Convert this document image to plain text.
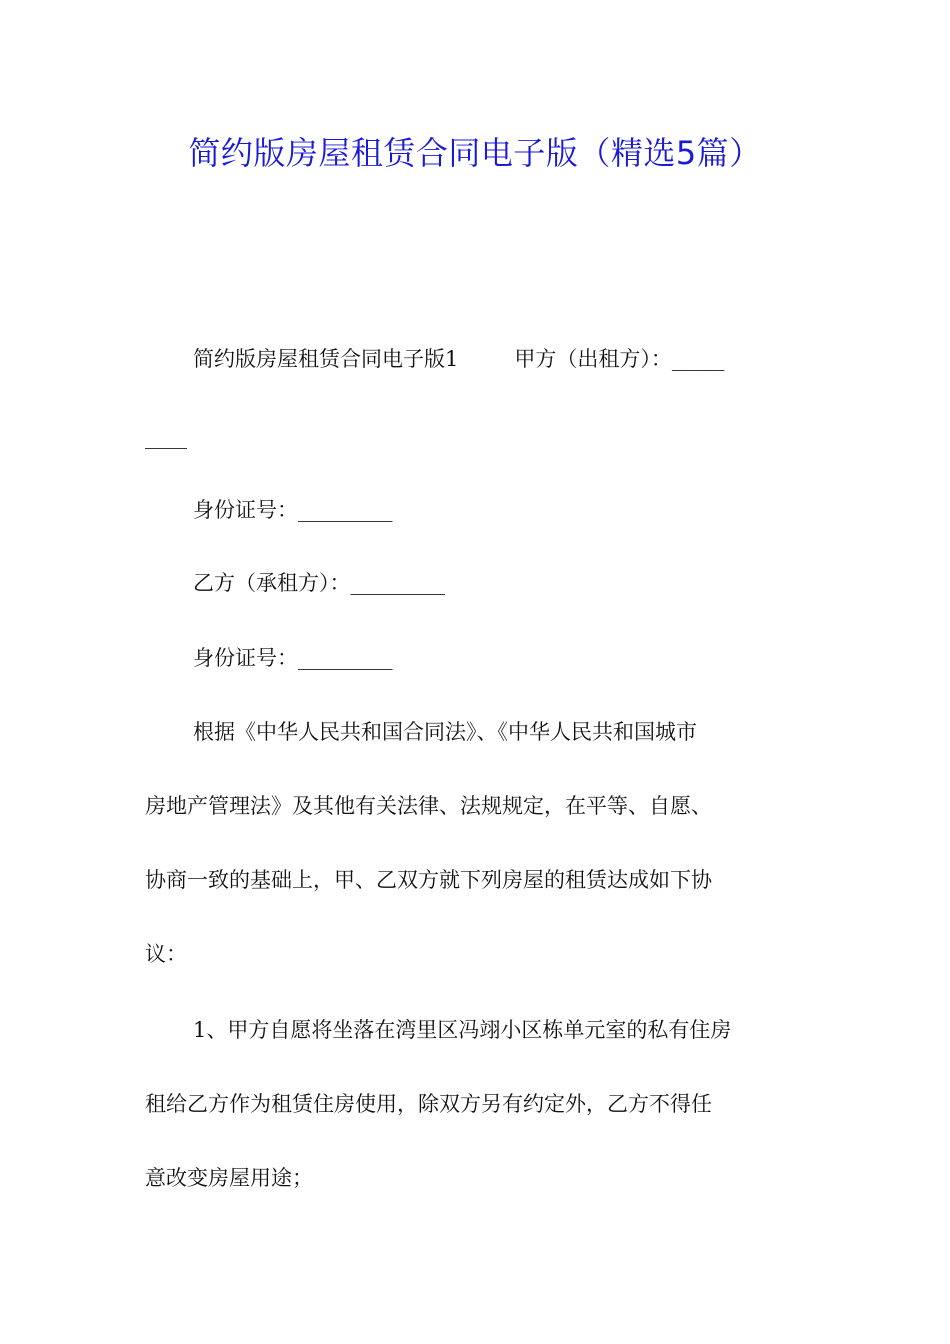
简约版房屋租赁合同电子版（精选5篇）
简约版房屋租赁合同电子版1	甲方（出租方）：_____
____
身份证号：_________
乙方（承租方）：_________
身份证号：_________
根据《中华人民共和国合同法》、《中华人民共和国城市
房地产管理法》及其他有关法律、法规规定，在平等、自愿、
协商一致的基础上，甲、乙双方就下列房屋的租赁达成如下协
议：
1、甲方自愿将坐落在湾里区冯翊小区栋单元室的私有住房
租给乙方作为租赁住房使用，除双方另有约定外，乙方不得任
意改变房屋用途；
